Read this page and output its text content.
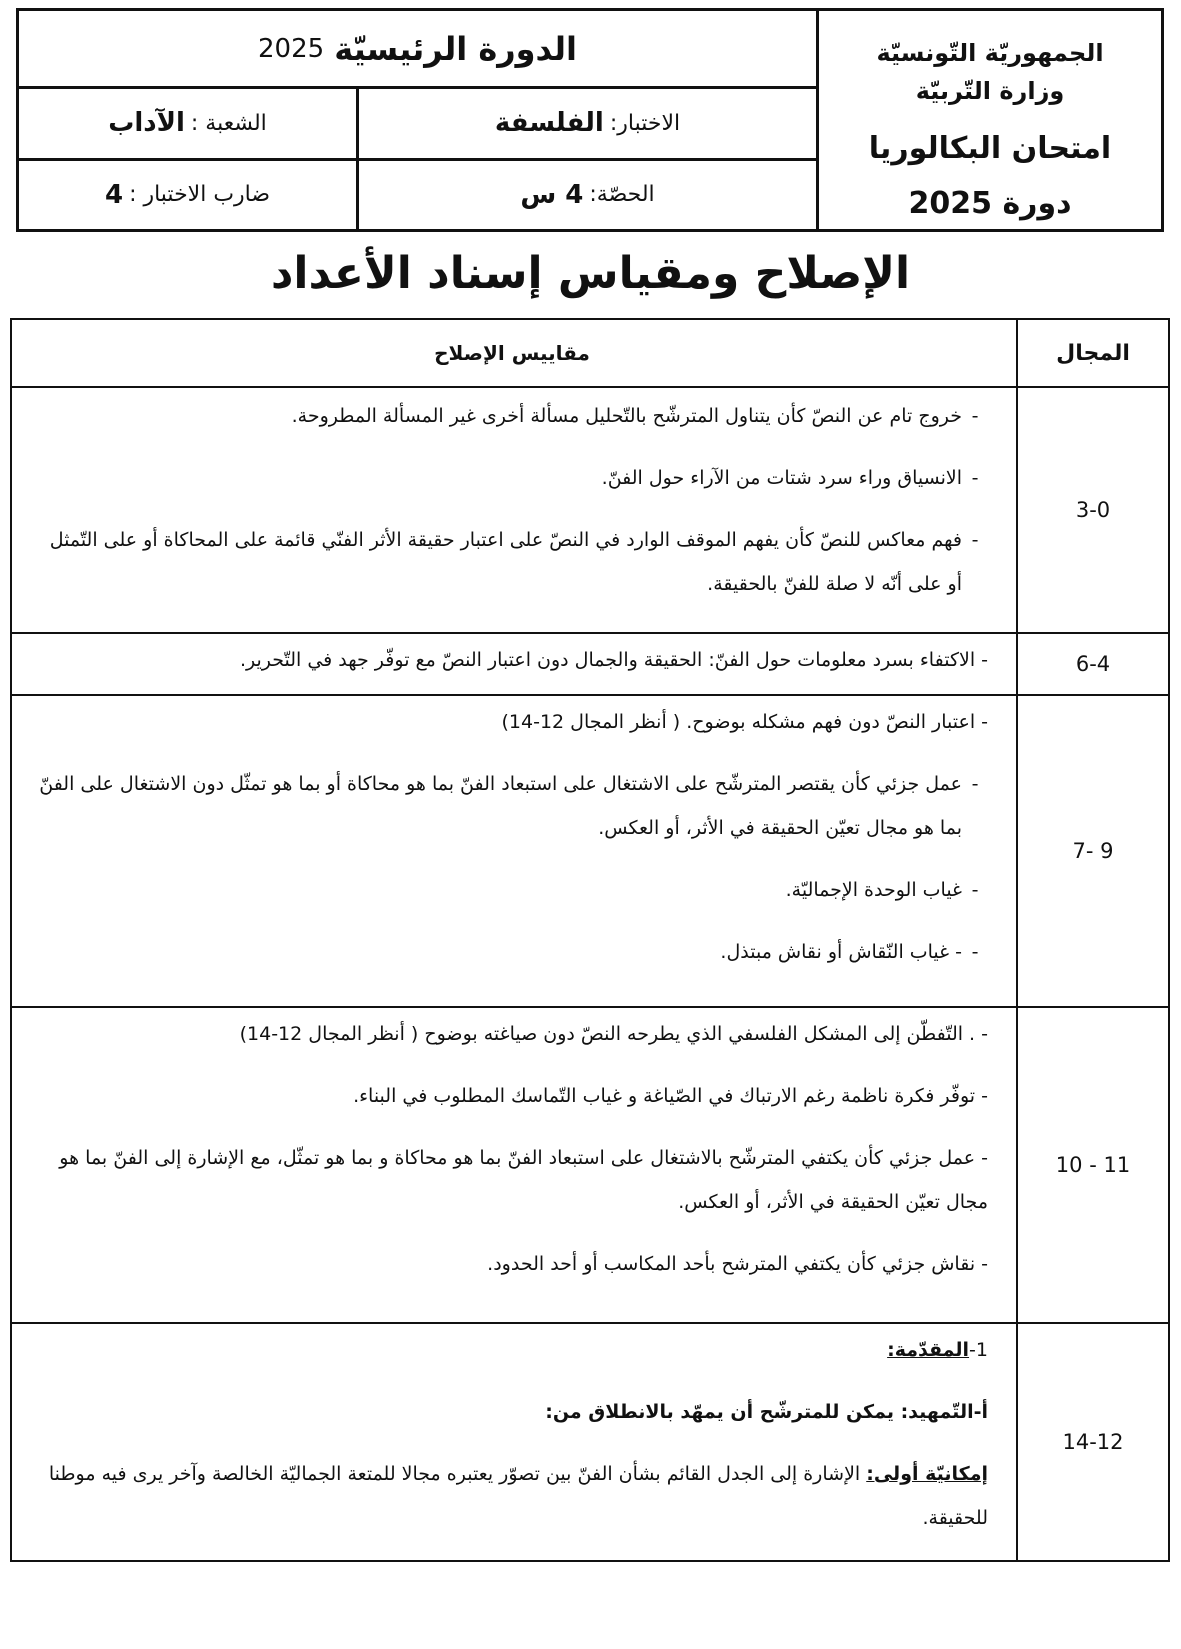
الجمهوريّة التّونسيّة
وزارة التّربيّة
امتحان البكالوريا
دورة 2025
الدورة الرئيسيّة
2025
الاختبار:
الفلسفة
الشعبة :
الآداب
الحصّة:
4 س
ضارب الاختبار :
4
الإصلاح ومقياس إسناد الأعداد
المجال
مقاييس الإصلاح
3-0
-
خروج تام عن النصّ كأن يتناول المترشّح بالتّحليل مسألة أخرى غير المسألة المطروحة.
-
الانسياق وراء سرد شتات من الآراء حول الفنّ.
-
فهم معاكس للنصّ كأن يفهم الموقف الوارد في النصّ على اعتبار حقيقة الأثر الفنّي قائمة على المحاكاة أو على التّمثل أو على أنّه لا صلة للفنّ بالحقيقة.
6-4
- الاكتفاء بسرد معلومات حول الفنّ: الحقيقة والجمال دون اعتبار النصّ مع توفّر جهد في التّحرير.
9 -7
- اعتبار النصّ دون فهم مشكله بوضوح. ( أنظر المجال 12-14)
-
عمل جزئي كأن يقتصر المترشّح على الاشتغال على استبعاد الفنّ بما هو محاكاة أو بما هو تمثّل دون الاشتغال على الفنّ بما هو مجال تعيّن الحقيقة في الأثر، أو العكس.
-
غياب الوحدة الإجماليّة.
-
- غياب النّقاش أو نقاش مبتذل.
11 - 10
- . التّفطّن إلى المشكل الفلسفي الذي يطرحه النصّ دون صياغته بوضوح ( أنظر المجال 12-14)
- توفّر فكرة ناظمة رغم الارتباك في الصّياغة و غياب التّماسك المطلوب في البناء.
- عمل جزئي كأن يكتفي المترشّح بالاشتغال على استبعاد الفنّ بما هو محاكاة و بما هو تمثّل، مع الإشارة إلى الفنّ بما هو مجال تعيّن الحقيقة في الأثر، أو العكس.
- نقاش جزئي كأن يكتفي المترشح بأحد المكاسب أو أحد الحدود.
14-12
1-المقدّمة:
أ-التّمهيد: يمكن للمترشّح أن يمهّد بالانطلاق من:
إمكانيّة أولى: الإشارة إلى الجدل القائم بشأن الفنّ بين تصوّر يعتبره مجالا للمتعة الجماليّة الخالصة وآخر يرى فيه موطنا للحقيقة.
